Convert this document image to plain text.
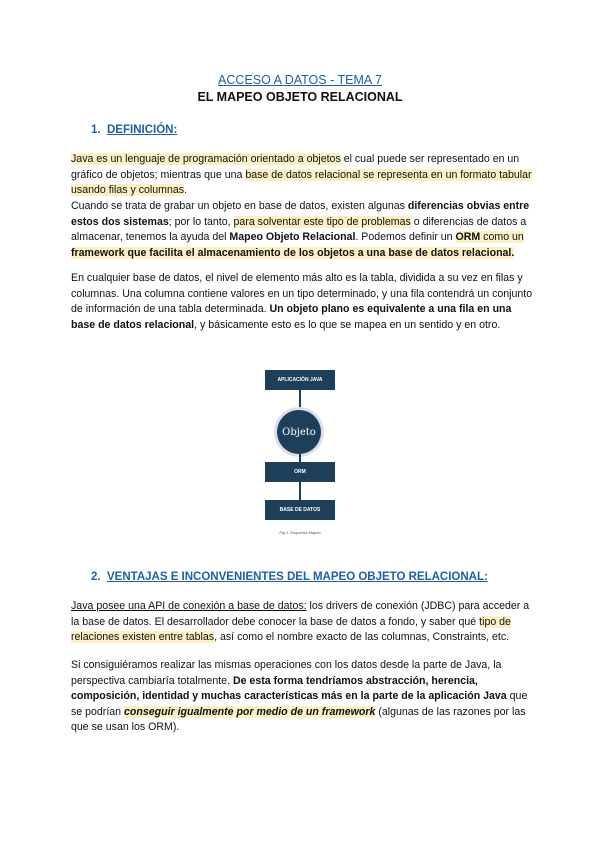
ACCESO A DATOS - TEMA 7
EL MAPEO OBJETO RELACIONAL
1. DEFINICIÓN:
Java es un lenguaje de programación orientado a objetos el cual puede ser representado en un gráfico de objetos; mientras que una base de datos relacional se representa en un formato tabular usando filas y columnas.
Cuando se trata de grabar un objeto en base de datos, existen algunas diferencias obvias entre estos dos sistemas; por lo tanto, para solventar este tipo de problemas o diferencias de datos a almacenar, tenemos la ayuda del Mapeo Objeto Relacional. Podemos definir un ORM como un framework que facilita el almacenamiento de los objetos a una base de datos relacional.
En cualquier base de datos, el nivel de elemento más alto es la tabla, dividida a su vez en filas y columnas. Una columna contiene valores en un tipo determinado, y una fila contendrá un conjunto de información de una tabla determinada. Un objeto plano es equivalente a una fila en una base de datos relacional, y básicamente esto es lo que se mapea en un sentido y en otro.
APLICACIÓN JAVA
Objeto
ORM
BASE DE DATOS
Fig.1. Esquema Mapeo
2. VENTAJAS E INCONVENIENTES DEL MAPEO OBJETO RELACIONAL:
Java posee una API de conexión a base de datos: los drivers de conexión (JDBC) para acceder a la base de datos. El desarrollador debe conocer la base de datos a fondo, y saber qué tipo de relaciones existen entre tablas, así como el nombre exacto de las columnas, Constraints, etc.
Si consiguiéramos realizar las mismas operaciones con los datos desde la parte de Java, la perspectiva cambiaría totalmente. De esta forma tendríamos abstracción, herencia, composición, identidad y muchas características más en la parte de la aplicación Java que se podrían conseguir igualmente por medio de un framework (algunas de las razones por las que se usan los ORM).
